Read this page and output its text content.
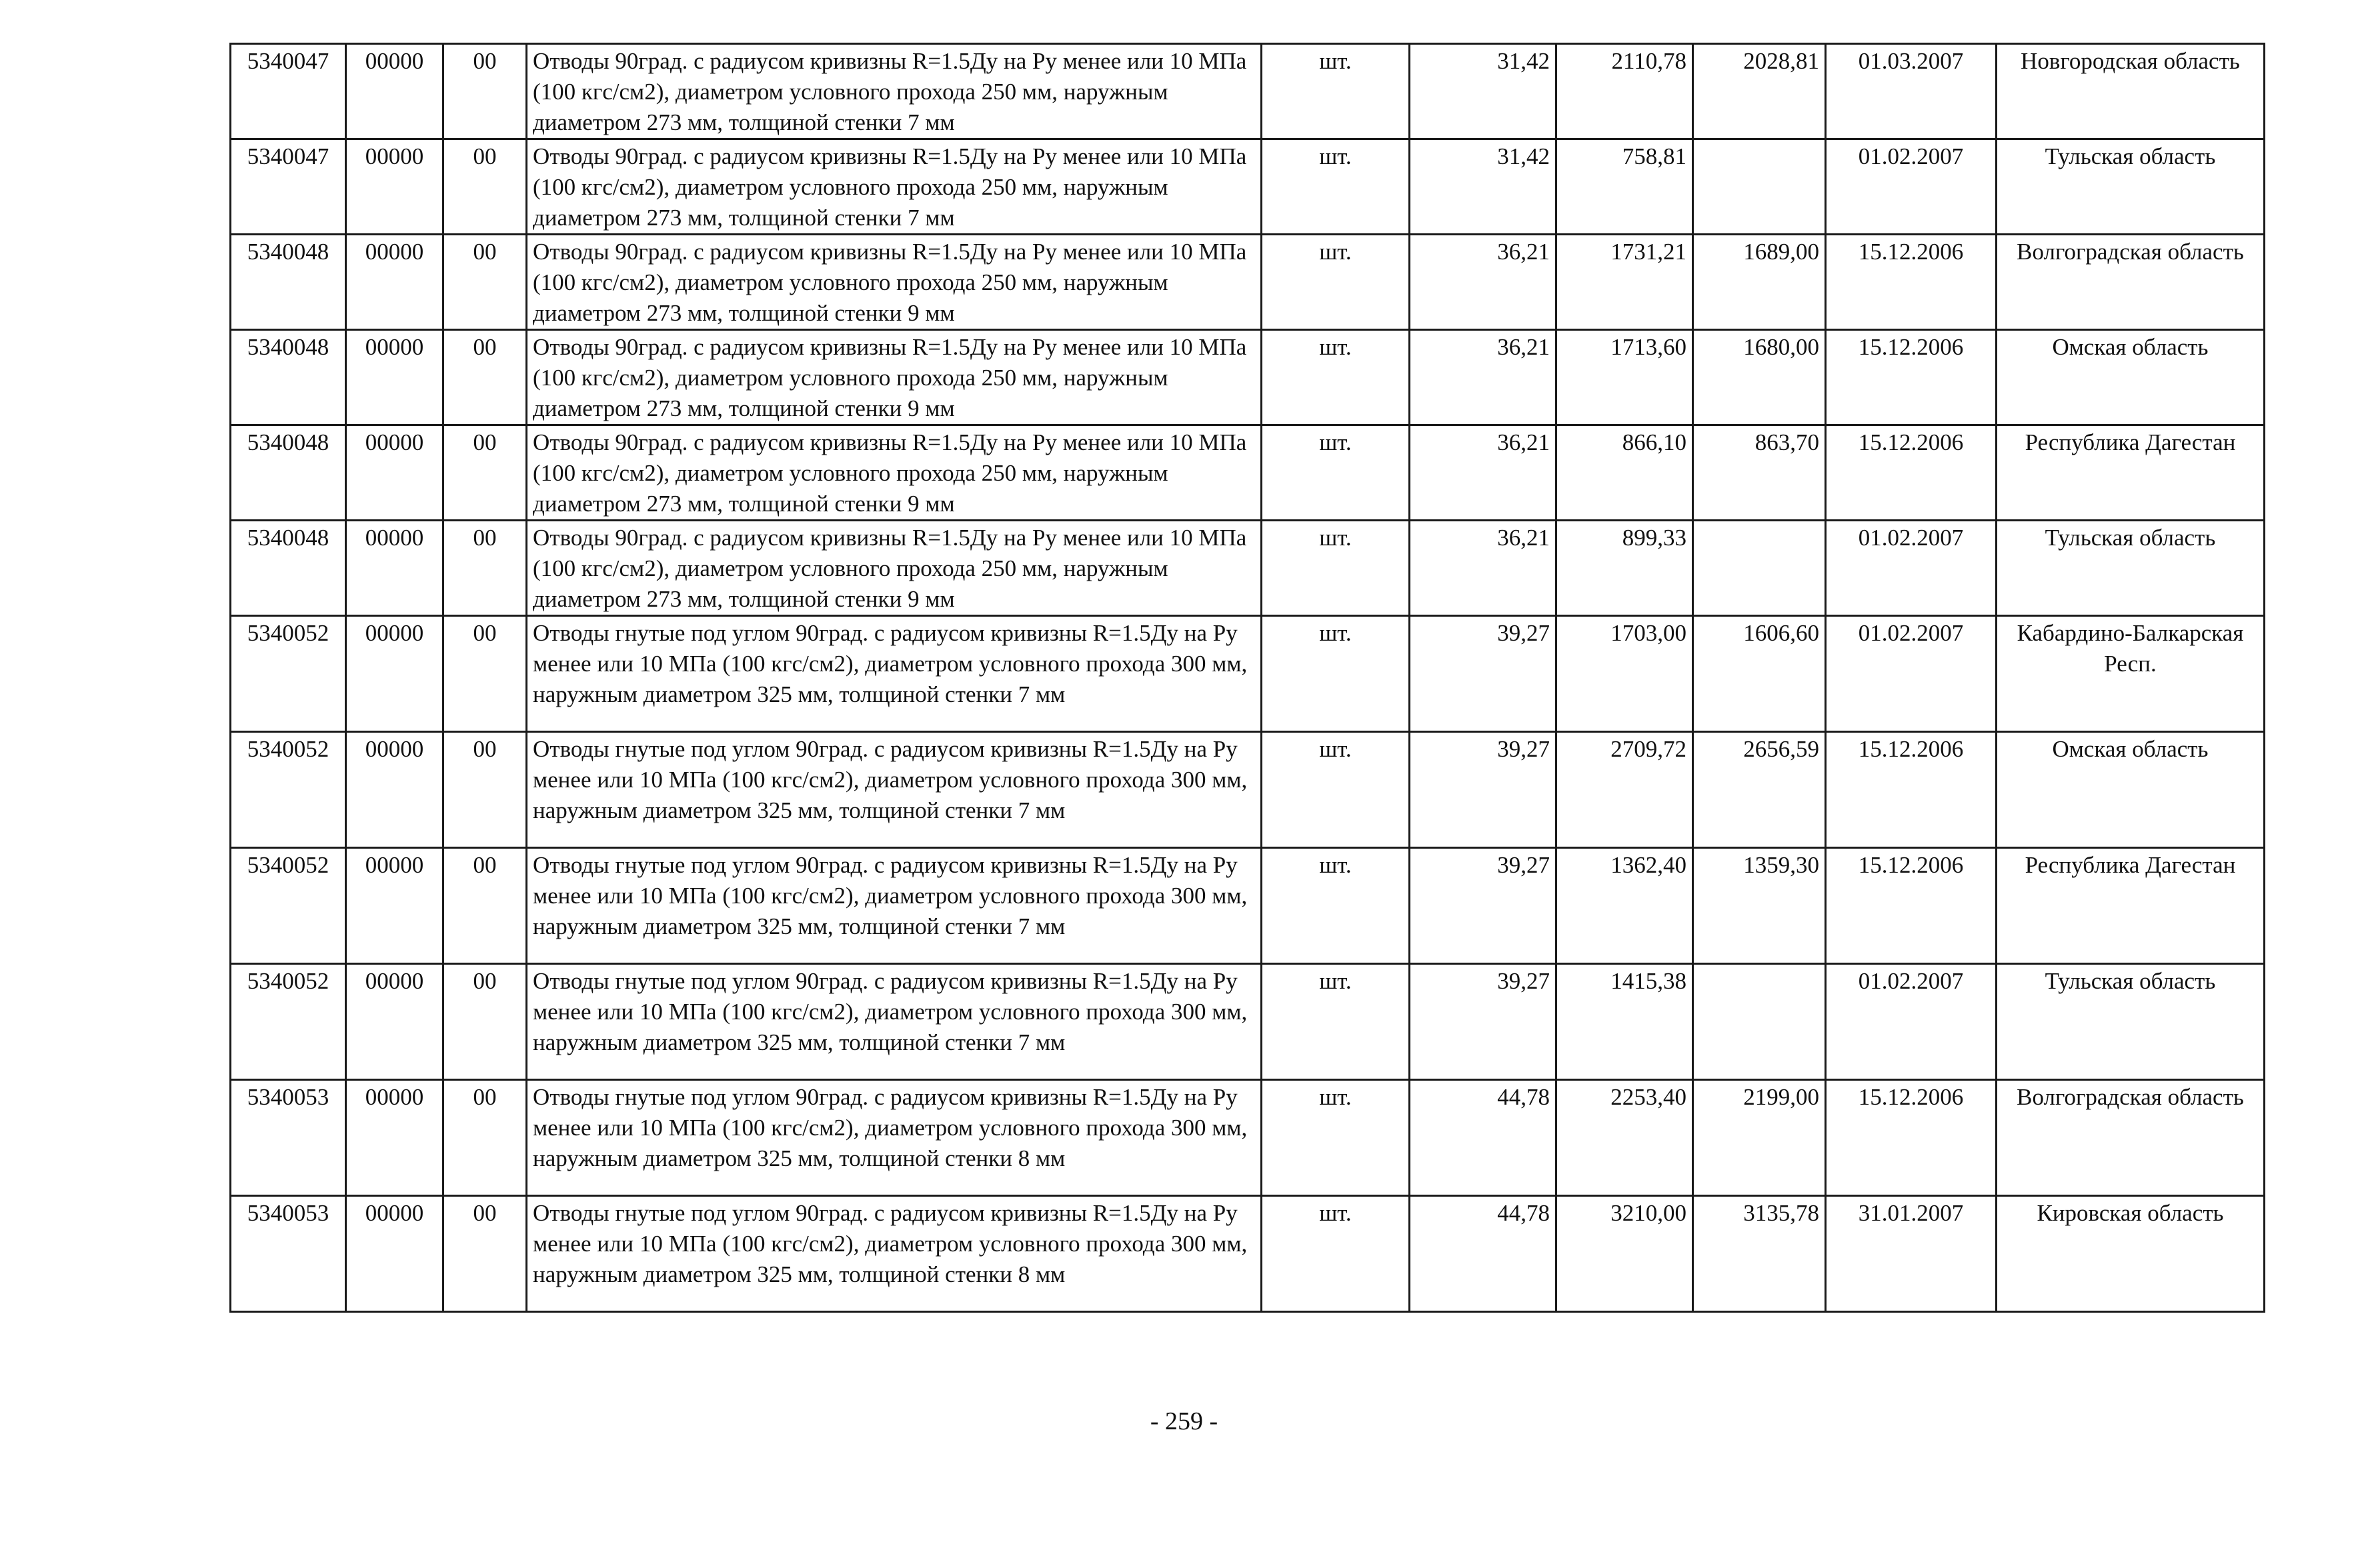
5340047	00000	00	Отводы 90град. с радиусом кривизны R=1.5Ду на Ру менее или 10 МПа (100 кгс/см2), диаметром условного прохода 250 мм, наружным диаметром 273 мм, толщиной стенки 7 мм	шт.	31,42	2110,78	2028,81	01.03.2007	Новгородская область
5340047	00000	00	Отводы 90град. с радиусом кривизны R=1.5Ду на Ру менее или 10 МПа (100 кгс/см2), диаметром условного прохода 250 мм, наружным диаметром 273 мм, толщиной стенки 7 мм	шт.	31,42	758,81		01.02.2007	Тульская область
5340048	00000	00	Отводы 90град. с радиусом кривизны R=1.5Ду на Ру менее или 10 МПа (100 кгс/см2), диаметром условного прохода 250 мм, наружным диаметром 273 мм, толщиной стенки 9 мм	шт.	36,21	1731,21	1689,00	15.12.2006	Волгоградская область
5340048	00000	00	Отводы 90град. с радиусом кривизны R=1.5Ду на Ру менее или 10 МПа (100 кгс/см2), диаметром условного прохода 250 мм, наружным диаметром 273 мм, толщиной стенки 9 мм	шт.	36,21	1713,60	1680,00	15.12.2006	Омская область
5340048	00000	00	Отводы 90град. с радиусом кривизны R=1.5Ду на Ру менее или 10 МПа (100 кгс/см2), диаметром условного прохода 250 мм, наружным диаметром 273 мм, толщиной стенки 9 мм	шт.	36,21	866,10	863,70	15.12.2006	Республика Дагестан
5340048	00000	00	Отводы 90град. с радиусом кривизны R=1.5Ду на Ру менее или 10 МПа (100 кгс/см2), диаметром условного прохода 250 мм, наружным диаметром 273 мм, толщиной стенки 9 мм	шт.	36,21	899,33		01.02.2007	Тульская область
5340052	00000	00	Отводы гнутые под углом 90град. с радиусом кривизны R=1.5Ду на Ру менее или 10 МПа (100 кгс/см2), диаметром условного прохода 300 мм, наружным диаметром 325 мм, толщиной стенки 7 мм	шт.	39,27	1703,00	1606,60	01.02.2007	Кабардино-Балкарская Респ.
5340052	00000	00	Отводы гнутые под углом 90град. с радиусом кривизны R=1.5Ду на Ру менее или 10 МПа (100 кгс/см2), диаметром условного прохода 300 мм, наружным диаметром 325 мм, толщиной стенки 7 мм	шт.	39,27	2709,72	2656,59	15.12.2006	Омская область
5340052	00000	00	Отводы гнутые под углом 90град. с радиусом кривизны R=1.5Ду на Ру менее или 10 МПа (100 кгс/см2), диаметром условного прохода 300 мм, наружным диаметром 325 мм, толщиной стенки 7 мм	шт.	39,27	1362,40	1359,30	15.12.2006	Республика Дагестан
5340052	00000	00	Отводы гнутые под углом 90град. с радиусом кривизны R=1.5Ду на Ру менее или 10 МПа (100 кгс/см2), диаметром условного прохода 300 мм, наружным диаметром 325 мм, толщиной стенки 7 мм	шт.	39,27	1415,38		01.02.2007	Тульская область
5340053	00000	00	Отводы гнутые под углом 90град. с радиусом кривизны R=1.5Ду на Ру менее или 10 МПа (100 кгс/см2), диаметром условного прохода 300 мм, наружным диаметром 325 мм, толщиной стенки 8 мм	шт.	44,78	2253,40	2199,00	15.12.2006	Волгоградская область
5340053	00000	00	Отводы гнутые под углом 90град. с радиусом кривизны R=1.5Ду на Ру менее или 10 МПа (100 кгс/см2), диаметром условного прохода 300 мм, наружным диаметром 325 мм, толщиной стенки 8 мм	шт.	44,78	3210,00	3135,78	31.01.2007	Кировская область
- 259 -
